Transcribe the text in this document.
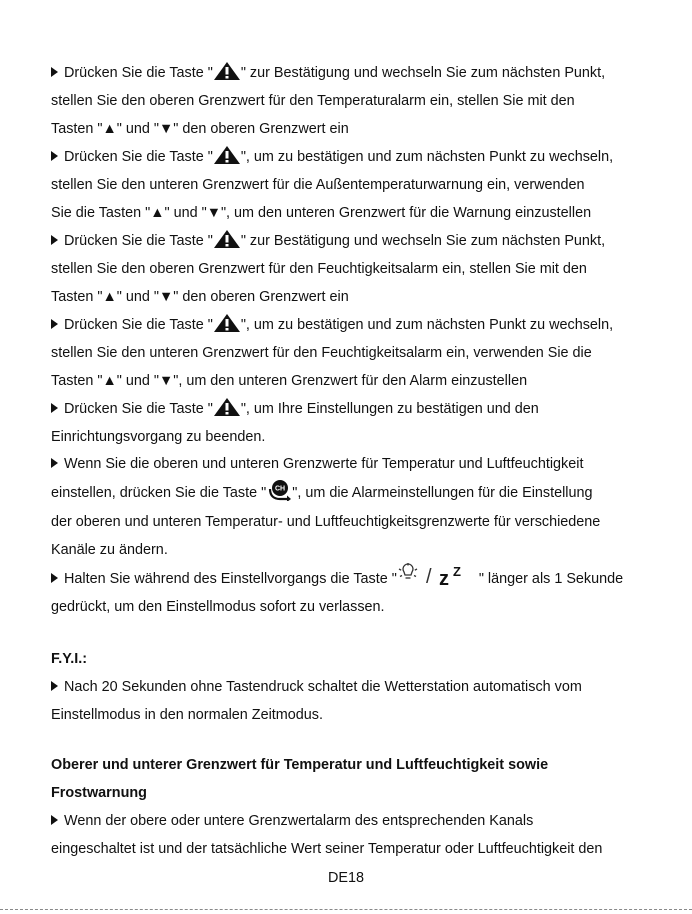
Drücken Sie die Taste " " zur Bestätigung und wechseln Sie zum nächsten Punkt,
stellen Sie den oberen Grenzwert für den Temperaturalarm ein, stellen Sie mit den
Tasten "▲" und "▼" den oberen Grenzwert ein
Drücken Sie die Taste " ", um zu bestätigen und zum nächsten Punkt zu wechseln,
stellen Sie den unteren Grenzwert für die Außentemperaturwarnung ein, verwenden
Sie die Tasten "▲" und "▼", um den unteren Grenzwert für die Warnung einzustellen
Drücken Sie die Taste " " zur Bestätigung und wechseln Sie zum nächsten Punkt,
stellen Sie den oberen Grenzwert für den Feuchtigkeitsalarm ein, stellen Sie mit den
Tasten "▲" und "▼" den oberen Grenzwert ein
Drücken Sie die Taste " ", um zu bestätigen und zum nächsten Punkt zu wechseln,
stellen Sie den unteren Grenzwert für den Feuchtigkeitsalarm ein, verwenden Sie die
Tasten "▲" und "▼", um den unteren Grenzwert für den Alarm einzustellen
Drücken Sie die Taste " ", um Ihre Einstellungen zu bestätigen und den
Einrichtungsvorgang zu beenden.
Wenn Sie die oberen und unteren Grenzwerte für Temperatur und Luftfeuchtigkeit
einstellen, drücken Sie die Taste " CH ", um die Alarmeinstellungen für die Einstellung
der oberen und unteren Temperatur- und Luftfeuchtigkeitsgrenzwerte für verschiedene
Kanäle zu ändern.
Halten Sie während des Einstellvorgangs die Taste " / z Z " länger als 1 Sekunde
gedrückt, um den Einstellmodus sofort zu verlassen.
F.Y.I.:
Nach 20 Sekunden ohne Tastendruck schaltet die Wetterstation automatisch vom
Einstellmodus in den normalen Zeitmodus.
Oberer und unterer Grenzwert für Temperatur und Luftfeuchtigkeit sowie
Frostwarnung
Wenn der obere oder untere Grenzwertalarm des entsprechenden Kanals
eingeschaltet ist und der tatsächliche Wert seiner Temperatur oder Luftfeuchtigkeit den
DE18
